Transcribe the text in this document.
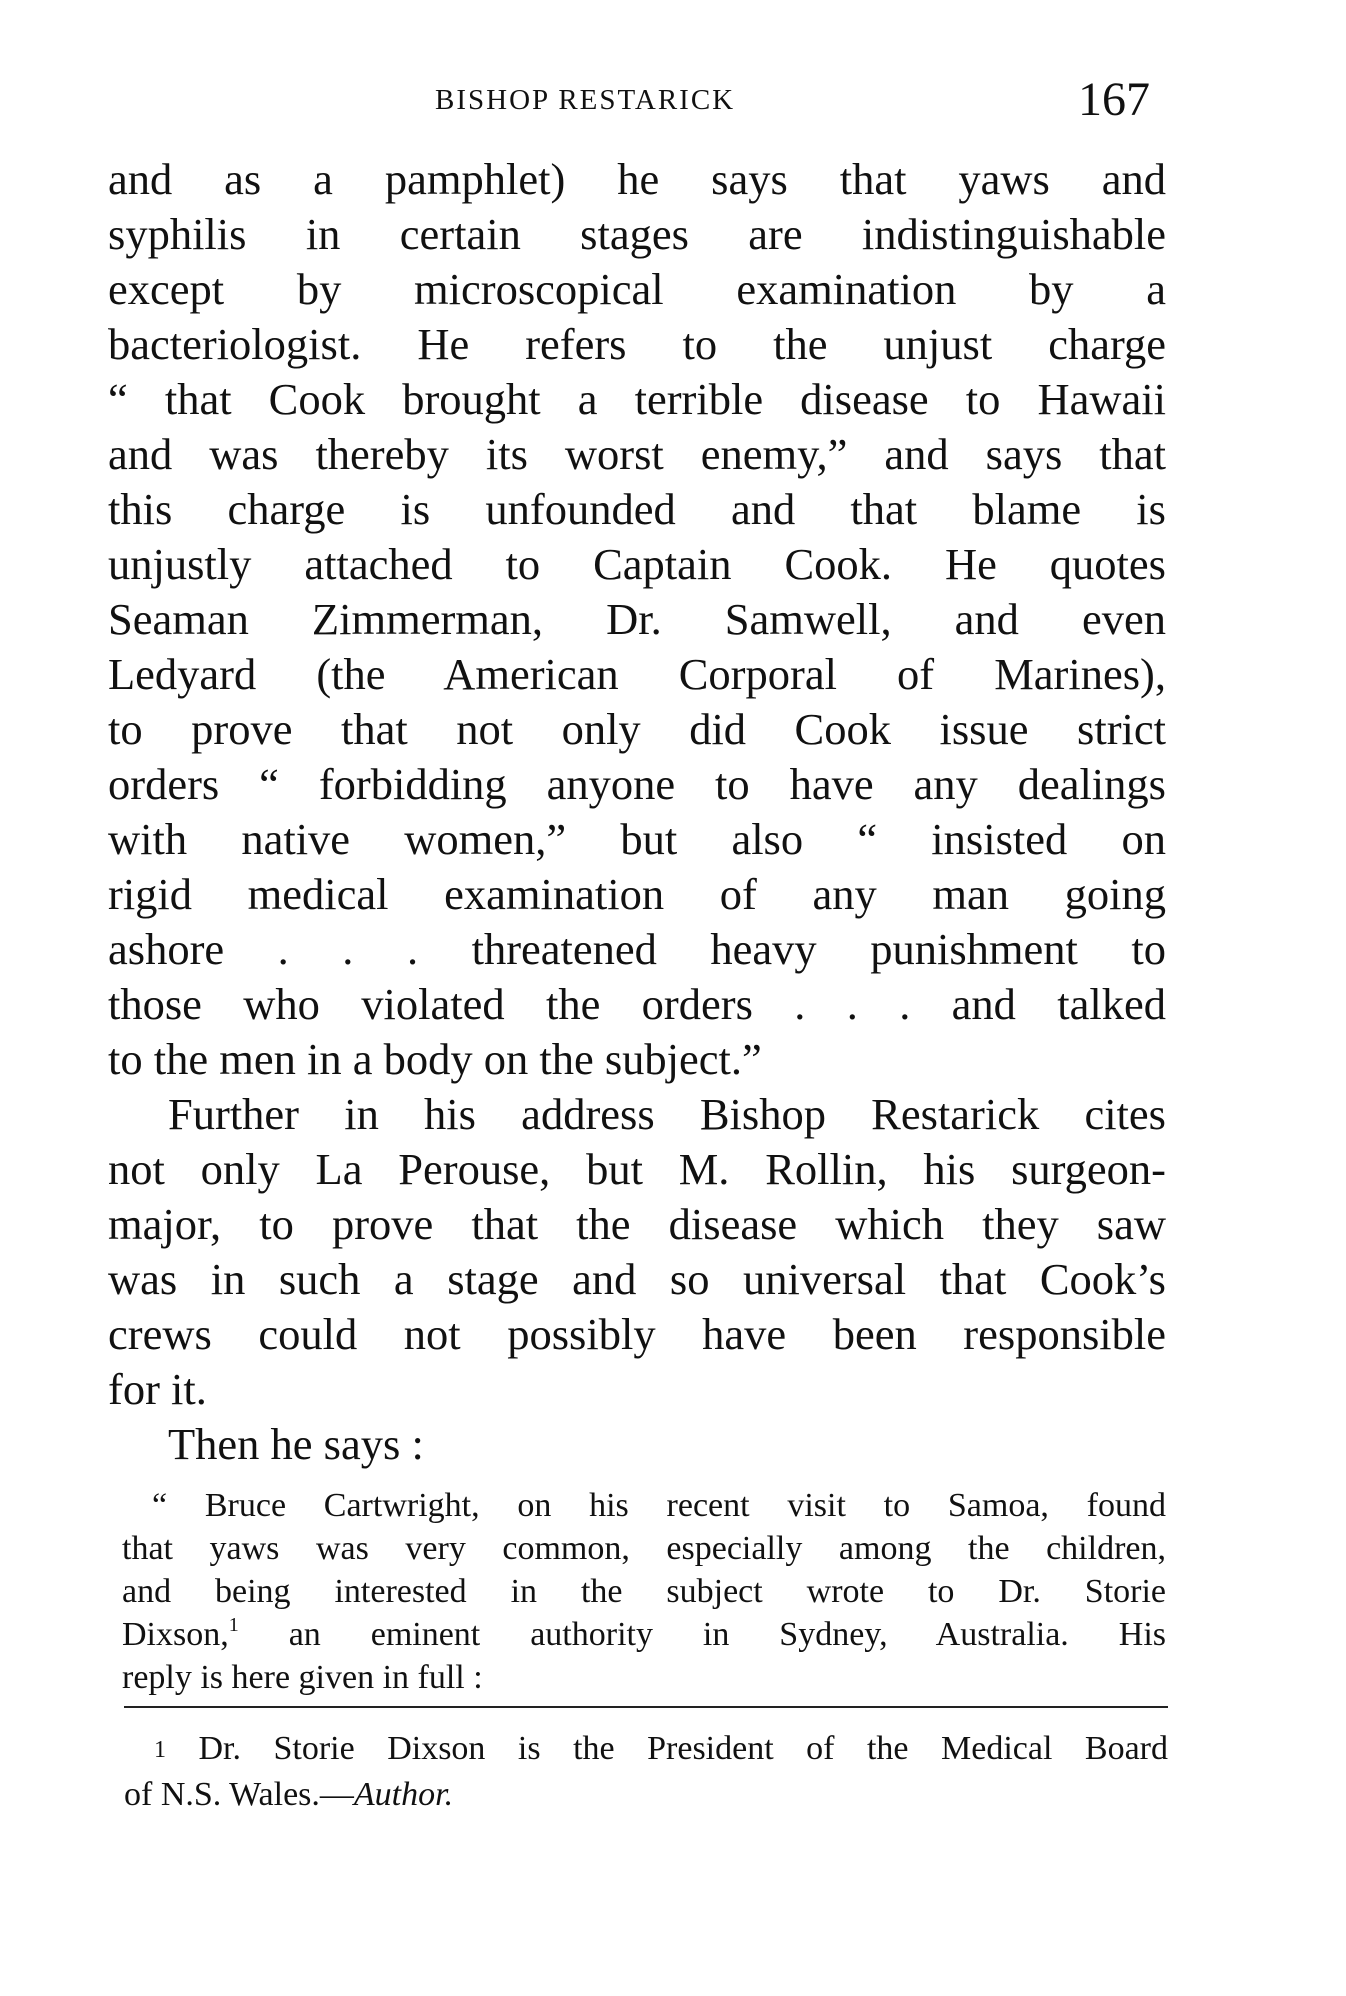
BISHOP RESTARICK	167
and as a pamphlet) he says that yaws and
syphilis in certain stages are indistinguishable
except by microscopical examination by a
bacteriologist. He refers to the unjust charge
“ that Cook brought a terrible disease to Hawaii
and was thereby its worst enemy,” and says that
this charge is unfounded and that blame is
unjustly attached to Captain Cook. He quotes
Seaman Zimmerman, Dr. Samwell, and even
Ledyard (the American Corporal of Marines),
to prove that not only did Cook issue strict
orders “ forbidding anyone to have any dealings
with native women,” but also “ insisted on
rigid medical examination of any man going
ashore . . . threatened heavy punishment to
those who violated the orders . . . and talked
to the men in a body on the subject.”
Further in his address Bishop Restarick cites
not only La Perouse, but M. Rollin, his surgeon-
major, to prove that the disease which they saw
was in such a stage and so universal that Cook’s
crews could not possibly have been responsible
for it.
Then he says :
“ Bruce Cartwright, on his recent visit to Samoa, found
that yaws was very common, especially among the children,
and being interested in the subject wrote to Dr. Storie
Dixson,$^1$ an eminent authority in Sydney, Australia. His
reply is here given in full :
1 Dr. Storie Dixson is the President of the Medical Board
of N.S. Wales.—Author.
